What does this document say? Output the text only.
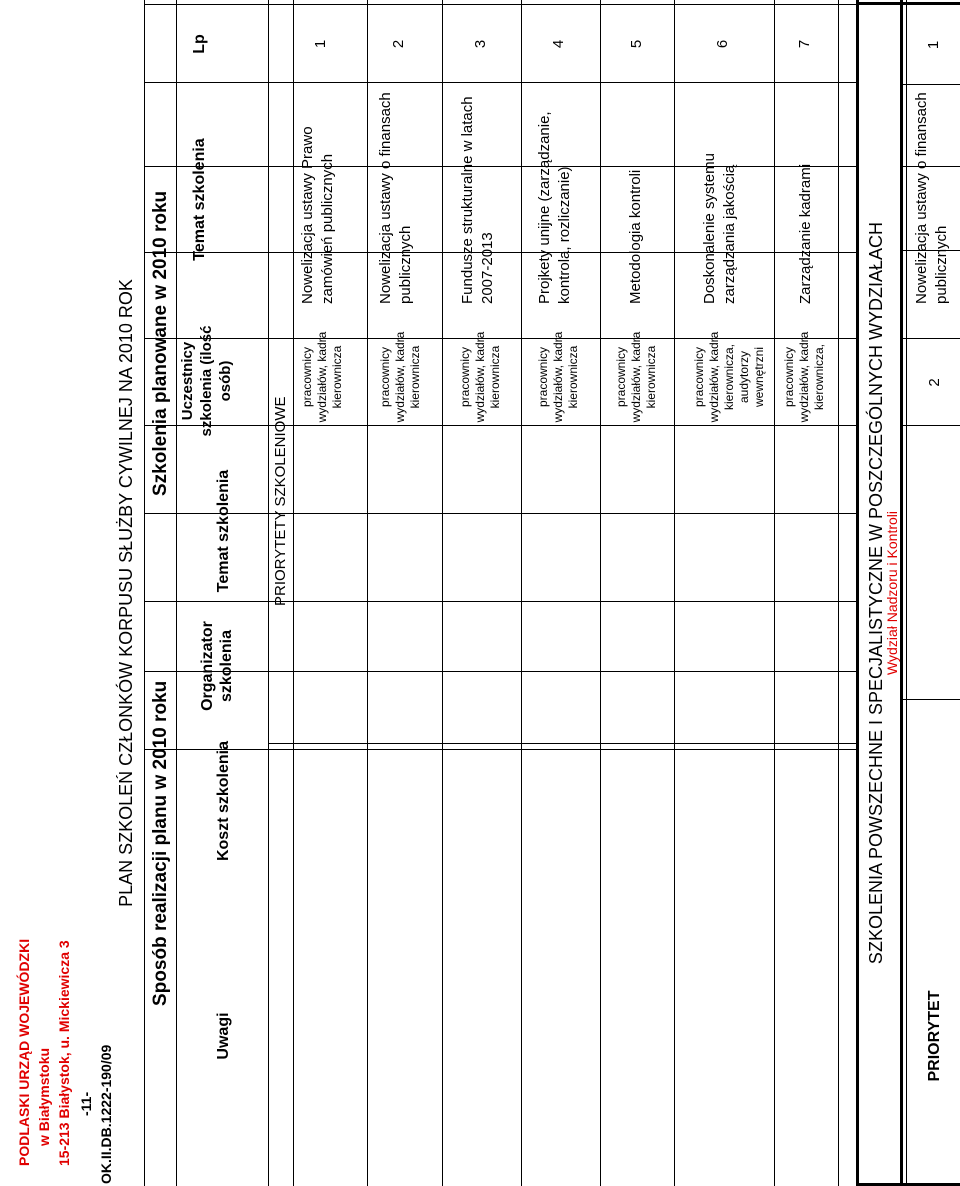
PODLASKI URZĄD WOJEWÓDZKI w Białymstoku 15-213 Białystok, u. Mickiewicza 3 -11- OK.II.DB.1222-190/09
PLAN SZKOLEŃ CZŁONKÓW KORPUSU SŁUŻBY CYWILNEJ NA 2010 ROK Szkolenia planowane w 2010 roku
Sposób realizacji planu w 2010 roku
Lp
Temat szkolenia
Uczestnicy szkolenia (ilość osób)
Temat szkolenia
Organizator szkolenia
Koszt szkolenia
Uwagi
PRIORYTETY SZKOLENIOWE
1
Nowelizacja ustawy Prawo zamówień publicznych
pracownicy wydziałów, kadra kierownicza
2
Nowelizacja ustawy o finansach publicznych
pracownicy wydziałów, kadra kierownicza
3
Fundusze strukturalne w latach 2007-2013
pracownicy wydziałów, kadra kierownicza
4
Projkety unijne (zarządzanie, kontrola, rozliczanie)
pracownicy wydziałów, kadra kierownicza
5
Metodologia kontroli
pracownicy wydziałów, kadra kierownicza
6
Doskonalenie systemu zarządzania jakością
pracownicy wydziałów, kadra kierownicza, audytorzy wewnętrzni
7
Zarządzanie kadrami
pracownicy wydziałów, kadra kierownicza, SZKOLENIA POWSZECHNE I SPECJALISTYCZNE W POSZCZEGÓLNYCH WYDZIAŁACH
Wydział Nadzoru i Kontroli
1
Nowelizacja ustawy o finansach publicznych
2
PRIORYTET
